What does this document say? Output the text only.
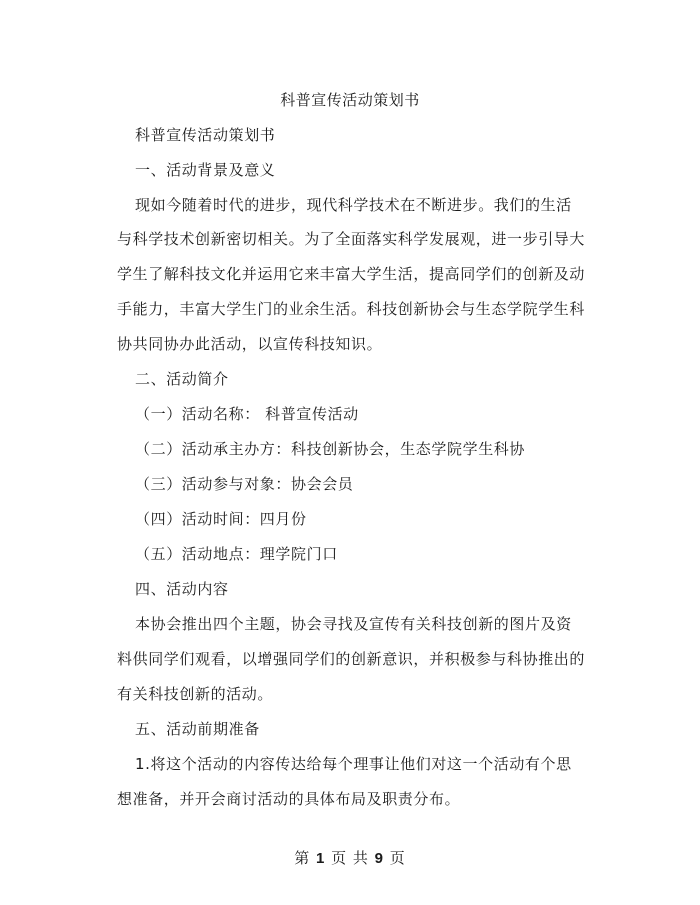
科普宣传活动策划书
科普宣传活动策划书
一、活动背景及意义
现如今随着时代的进步，现代科学技术在不断进步。我们的生活
与科学技术创新密切相关。为了全面落实科学发展观，进一步引导大
学生了解科技文化并运用它来丰富大学生活，提高同学们的创新及动
手能力，丰富大学生门的业余生活。科技创新协会与生态学院学生科
协共同协办此活动，以宣传科技知识。
二、活动简介
（一）活动名称： 科普宣传活动
（二）活动承主办方：科技创新协会，生态学院学生科协
（三）活动参与对象：协会会员
（四）活动时间：四月份
（五）活动地点：理学院门口
四、活动内容
本协会推出四个主题，协会寻找及宣传有关科技创新的图片及资
料供同学们观看，以增强同学们的创新意识，并积极参与科协推出的
有关科技创新的活动。
五、活动前期准备
1.将这个活动的内容传达给每个理事让他们对这一个活动有个思
想准备，并开会商讨活动的具体布局及职责分布。
第 1 页 共 9 页
